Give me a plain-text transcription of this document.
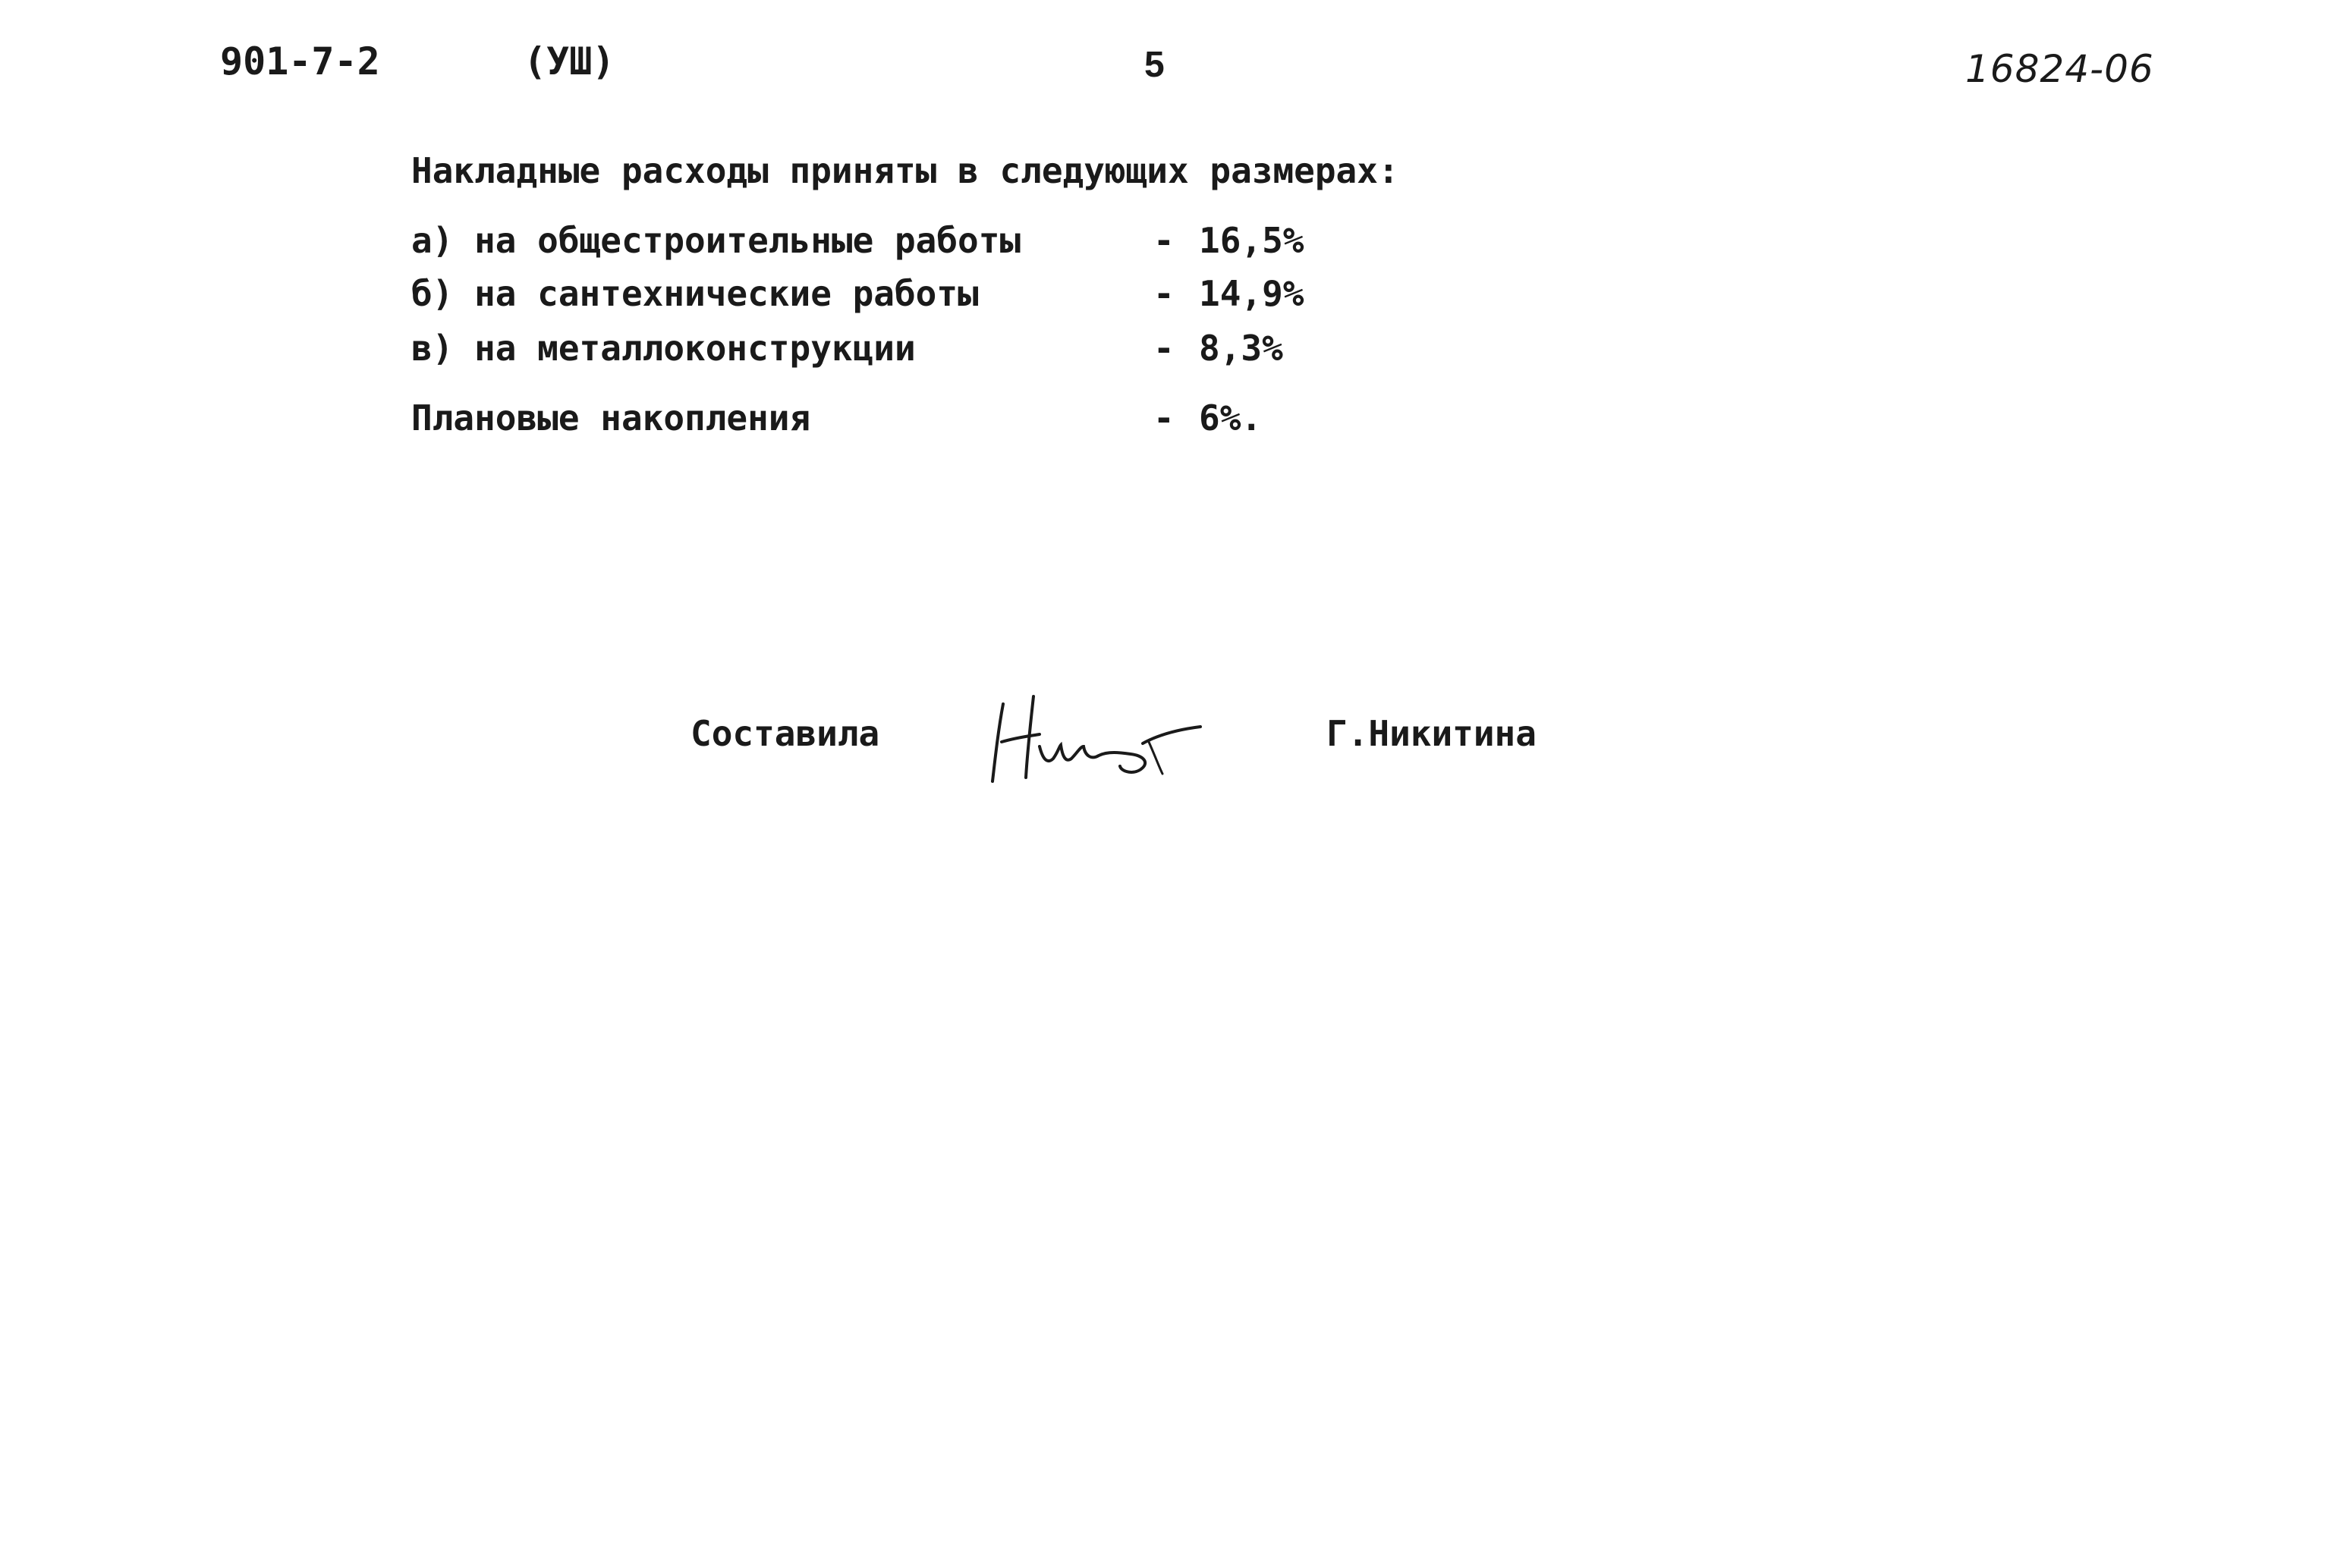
901-7-2	(УШ)	5	16824-06
Накладные расходы приняты в следующих размерах:
а) на общестроительные работы	- 16,5%
б) на сантехнические работы	- 14,9%
в) на металлоконструкции	- 8,3%
Плановые накопления	- 6%.
Составила	Г.Никитина
